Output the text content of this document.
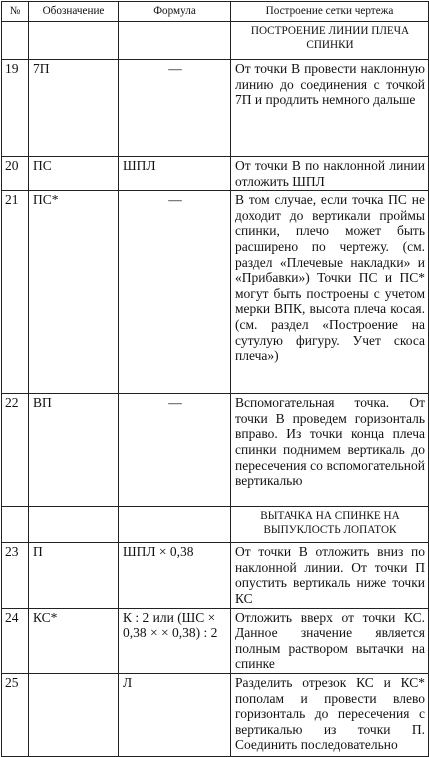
№	Обозначение	Формула	Построение сетки чертежа
			ПОСТРОЕНИЕ ЛИНИИ ПЛЕЧА СПИНКИ
19	7П	—	От точки В провести наклонную линию до соединения с точкой 7П и продлить немного дальше
20	ПС	ШПЛ	От точки В по наклонной линии отложить ШПЛ
21	ПС*	—	В том случае, если точка ПС не доходит до вертикали проймы спинки, плечо может быть расширено по чертежу. (см. раздел «Плечевые накладки» и «Прибавки») Точки ПС и ПС* могут быть построены с учетом мерки ВПК, высота плеча косая. (см. раздел «Построение на сутулую фигуру. Учет скоса плеча»)
22	ВП	—	Вспомогательная точка. От точки В проведем горизонталь вправо. Из точки конца плеча спинки поднимем вертикаль до пересечения со вспомогательной вертикалью
			ВЫТАЧКА НА СПИНКЕ НА ВЫПУКЛОСТЬ ЛОПАТОК
23	П	ШПЛ × 0,38	От точки В отложить вниз по наклонной линии. От точки П опустить вертикаль ниже точки КС
24	КС*	К : 2 или (ШС × 0,38 × × 0,38) : 2	Отложить вверх от точки КС. Данное значение является полным раствором вытачки на спинке
25		Л	Разделить отрезок КС и КС* пополам и провести влево горизонталь до пересечения с вертикалью из точки П. Соединить последовательно
